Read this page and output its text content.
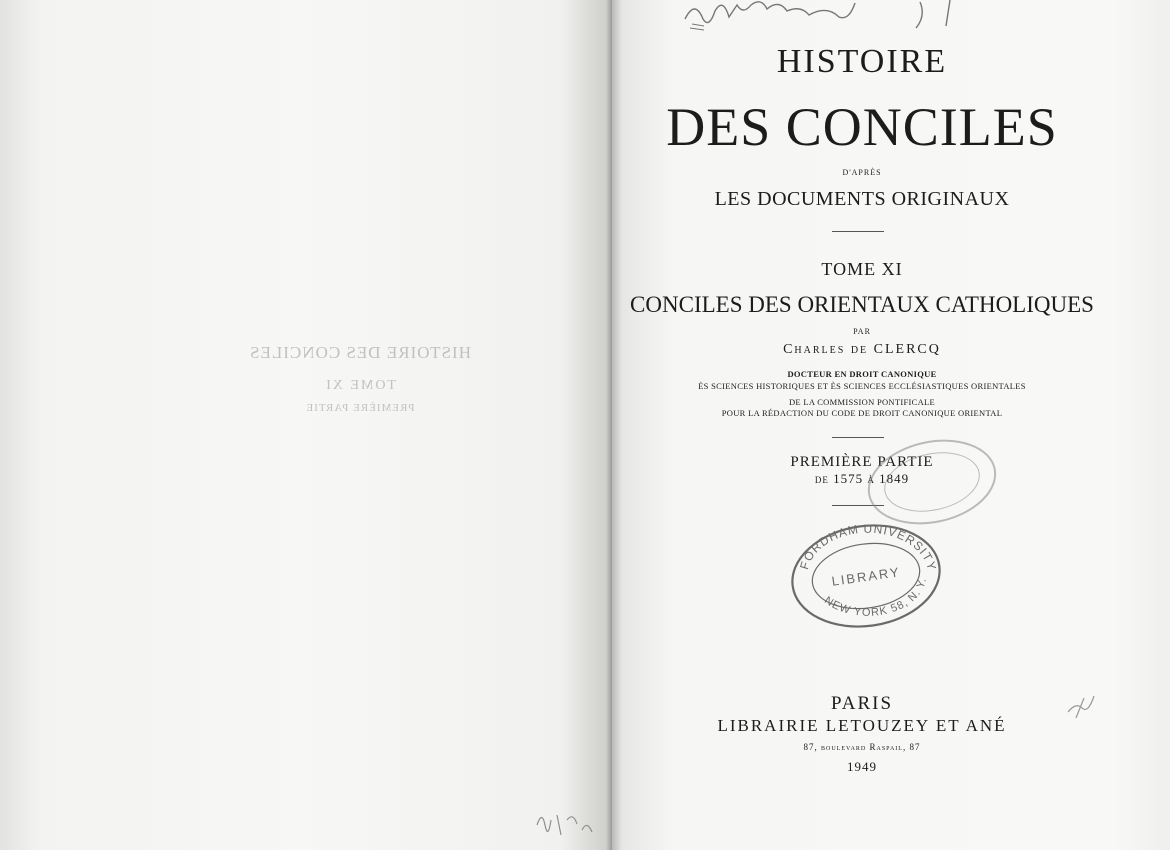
HISTOIRE DES CONCILES
TOME XI
PREMIÈRE PARTIE
HISTOIRE
DES CONCILES
D'APRÈS
LES DOCUMENTS ORIGINAUX
TOME XI
CONCILES DES ORIENTAUX CATHOLIQUES
PAR
Charles de CLERCQ
DOCTEUR EN DROIT CANONIQUE
ÈS SCIENCES HISTORIQUES ET ÈS SCIENCES ECCLÉSIASTIQUES ORIENTALES
DE LA COMMISSION PONTIFICALE
POUR LA RÉDACTION DU CODE DE DROIT CANONIQUE ORIENTAL
PREMIÈRE PARTIE
de 1575 à 1849
PARIS
LIBRAIRIE LETOUZEY ET ANÉ
87, boulevard Raspail, 87
1949
FORDHAM UNIVERSITY
LIBRARY
NEW YORK 58, N. Y.
